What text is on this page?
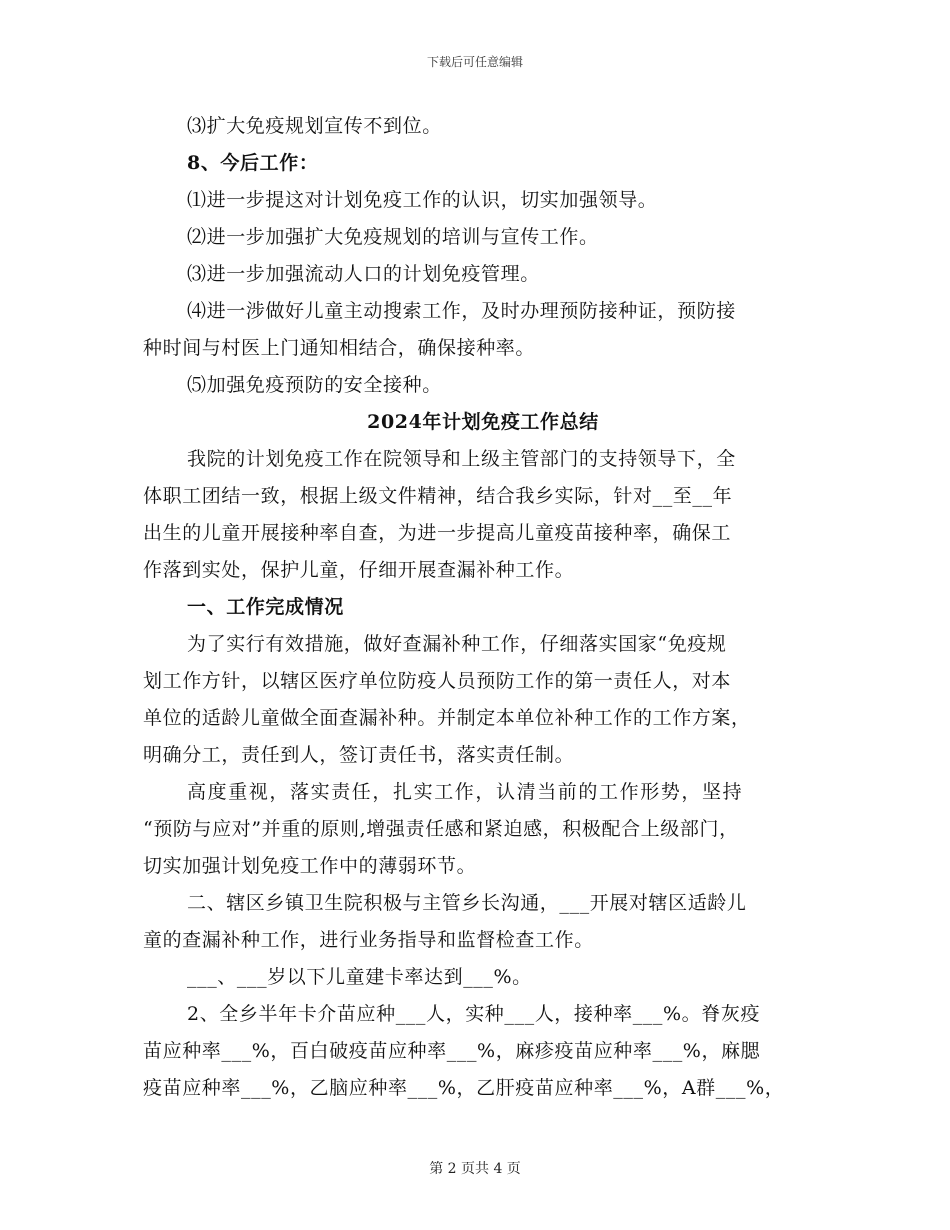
下载后可任意编辑
⑶扩大免疫规划宣传不到位。
8、今后工作：
⑴进一步提这对计划免疫工作的认识，切实加强领导。
⑵进一步加强扩大免疫规划的培训与宣传工作。
⑶进一步加强流动人口的计划免疫管理。
⑷进一涉做好儿童主动搜索工作，及时办理预防接种证，预防接
种时间与村医上门通知相结合，确保接种率。
⑸加强免疫预防的安全接种。
2024年计划免疫工作总结
我院的计划免疫工作在院领导和上级主管部门的支持领导下，全
体职工团结一致，根据上级文件精神，结合我乡实际，针对__至__年
出生的儿童开展接种率自查，为进一步提高儿童疫苗接种率，确保工
作落到实处，保护儿童，仔细开展查漏补种工作。
一、工作完成情况
为了实行有效措施，做好查漏补种工作，仔细落实国家“免疫规
划工作方针，以辖区医疗单位防疫人员预防工作的第一责任人，对本
单位的适龄儿童做全面查漏补种。并制定本单位补种工作的工作方案，
明确分工，责任到人，签订责任书，落实责任制。
高度重视，落实责任，扎实工作，认清当前的工作形势，坚持
“预防与应对”并重的原则,增强责任感和紧迫感，积极配合上级部门，
切实加强计划免疫工作中的薄弱环节。
二、辖区乡镇卫生院积极与主管乡长沟通，___开展对辖区适龄儿
童的查漏补种工作，进行业务指导和监督检查工作。
___、___岁以下儿童建卡率达到___%。
2、全乡半年卡介苗应种___人，实种___人，接种率___%。脊灰疫
苗应种率___%，百白破疫苗应种率___%，麻疹疫苗应种率___%，麻腮
疫苗应种率___%，乙脑应种率___%，乙肝疫苗应种率___%，A群___%，
第 2 页共 4 页
